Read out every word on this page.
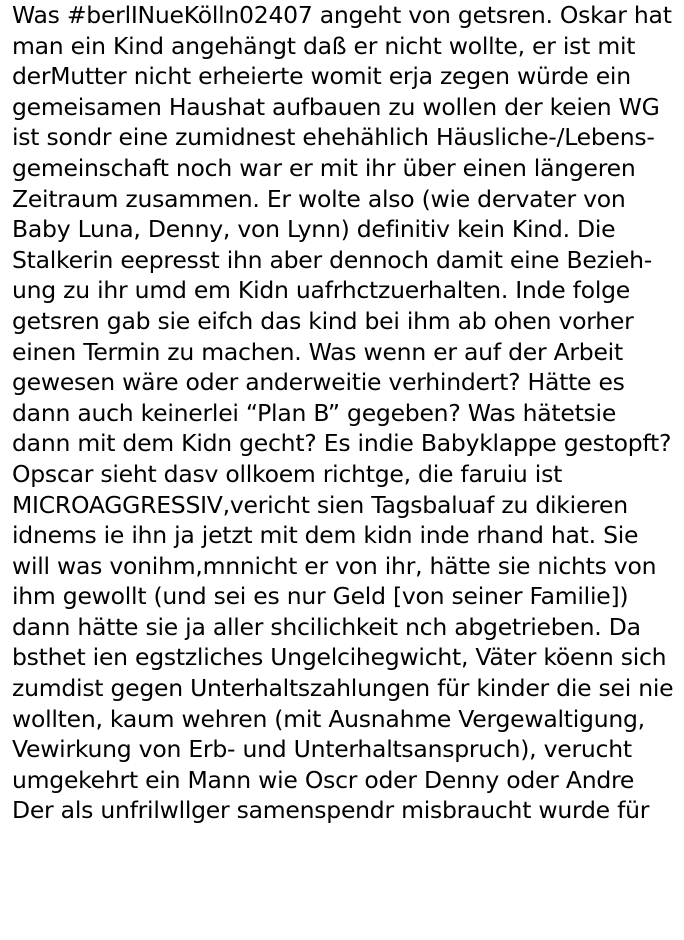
Was #berlINueKölln02407 angeht von getsren. Oskar hat
man ein Kind angehängt daß er nicht wollte, er ist mit
derMutter nicht erheierte womit erja zegen würde ein
gemeisamen Haushat aufbauen zu wollen der keien WG
ist sondr eine zumidnest ehehählich Häusliche-/Lebens-
gemeinschaft noch war er mit ihr über einen längeren
Zeitraum zusammen. Er wolte also (wie dervater von
Baby Luna, Denny, von Lynn) definitiv kein Kind. Die
Stalkerin eepresst ihn aber dennoch damit eine Bezieh-
ung zu ihr umd em Kidn uafrhctzuerhalten. Inde folge
getsren gab sie eifch das kind bei ihm ab ohen vorher
einen Termin zu machen. Was wenn er auf der Arbeit
gewesen wäre oder anderweitie verhindert? Hätte es
dann auch keinerlei “Plan B” gegeben? Was hätetsie
dann mit dem Kidn gecht? Es indie Babyklappe gestopft?
Opscar sieht dasv ollkoem richtge, die faruiu ist
MICROAGGRESSIV,vericht sien Tagsbaluaf zu dikieren
idnems ie ihn ja jetzt mit dem kidn inde rhand hat. Sie
will was vonihm,mnnicht er von ihr, hätte sie nichts von
ihm gewollt (und sei es nur Geld [von seiner Familie])
dann hätte sie ja aller shcilichkeit nch abgetrieben. Da
bsthet ien egstzliches Ungelcihegwicht, Väter köenn sich
zumdist gegen Unterhaltszahlungen für kinder die sei nie
wollten, kaum wehren (mit Ausnahme Vergewaltigung,
Vewirkung von Erb- und Unterhaltsanspruch), verucht
umgekehrt ein Mann wie Oscr oder Denny oder Andre
Der als unfrilwllger samenspendr misbraucht wurde für
